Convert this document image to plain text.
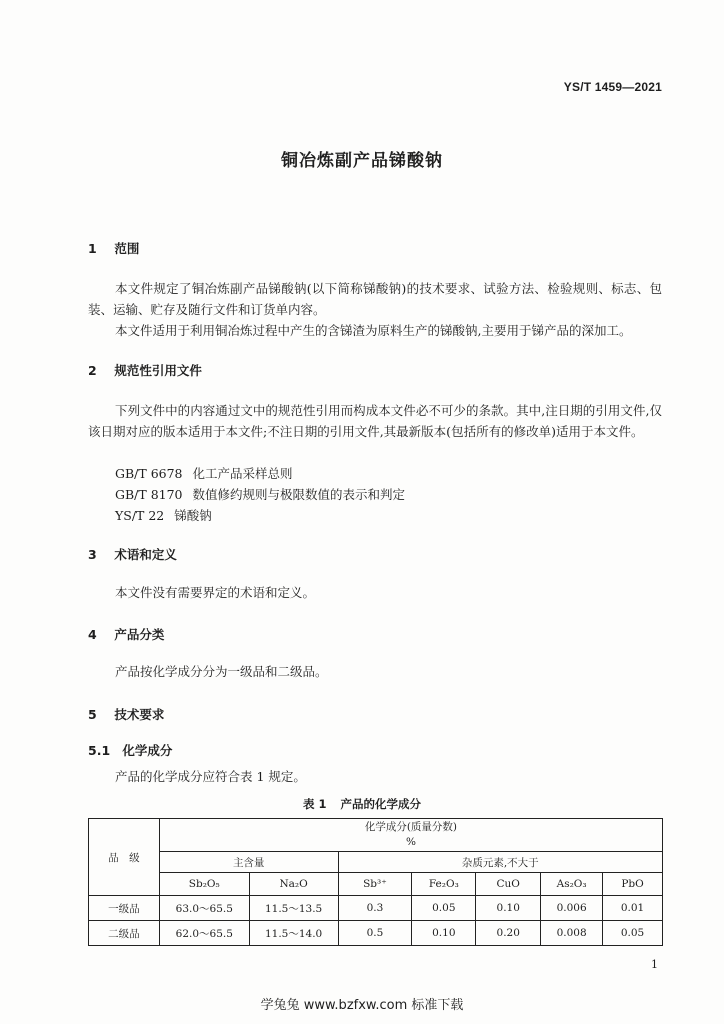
YS/T 1459—2021
铜冶炼副产品锑酸钠
1 范围
本文件规定了铜冶炼副产品锑酸钠(以下简称锑酸钠)的技术要求、试验方法、检验规则、标志、包装、运输、贮存及随行文件和订货单内容。
本文件适用于利用铜冶炼过程中产生的含锑渣为原料生产的锑酸钠,主要用于锑产品的深加工。
2 规范性引用文件
下列文件中的内容通过文中的规范性引用而构成本文件必不可少的条款。其中,注日期的引用文件,仅该日期对应的版本适用于本文件;不注日期的引用文件,其最新版本(包括所有的修改单)适用于本文件。
GB/T 6678 化工产品采样总则
GB/T 8170 数值修约规则与极限数值的表示和判定
YS/T 22 锑酸钠
3 术语和定义
本文件没有需要界定的术语和定义。
4 产品分类
产品按化学成分分为一级品和二级品。
5 技术要求
5.1 化学成分
产品的化学成分应符合表 1 规定。
表 1 产品的化学成分
品　级	化学成分(质量分数)
%						

	主含量		杂质元素,不大于				
	Sb₂O₅	Na₂O	Sb³⁺	Fe₂O₃	CuO	As₂O₃	PbO
一级品	63.0～65.5	11.5～13.5	0.3	0.05	0.10	0.006	0.01
二级品	62.0～65.5	11.5～14.0	0.5	0.10	0.20	0.008	0.05
1
学兔兔 www.bzfxw.com 标准下载
